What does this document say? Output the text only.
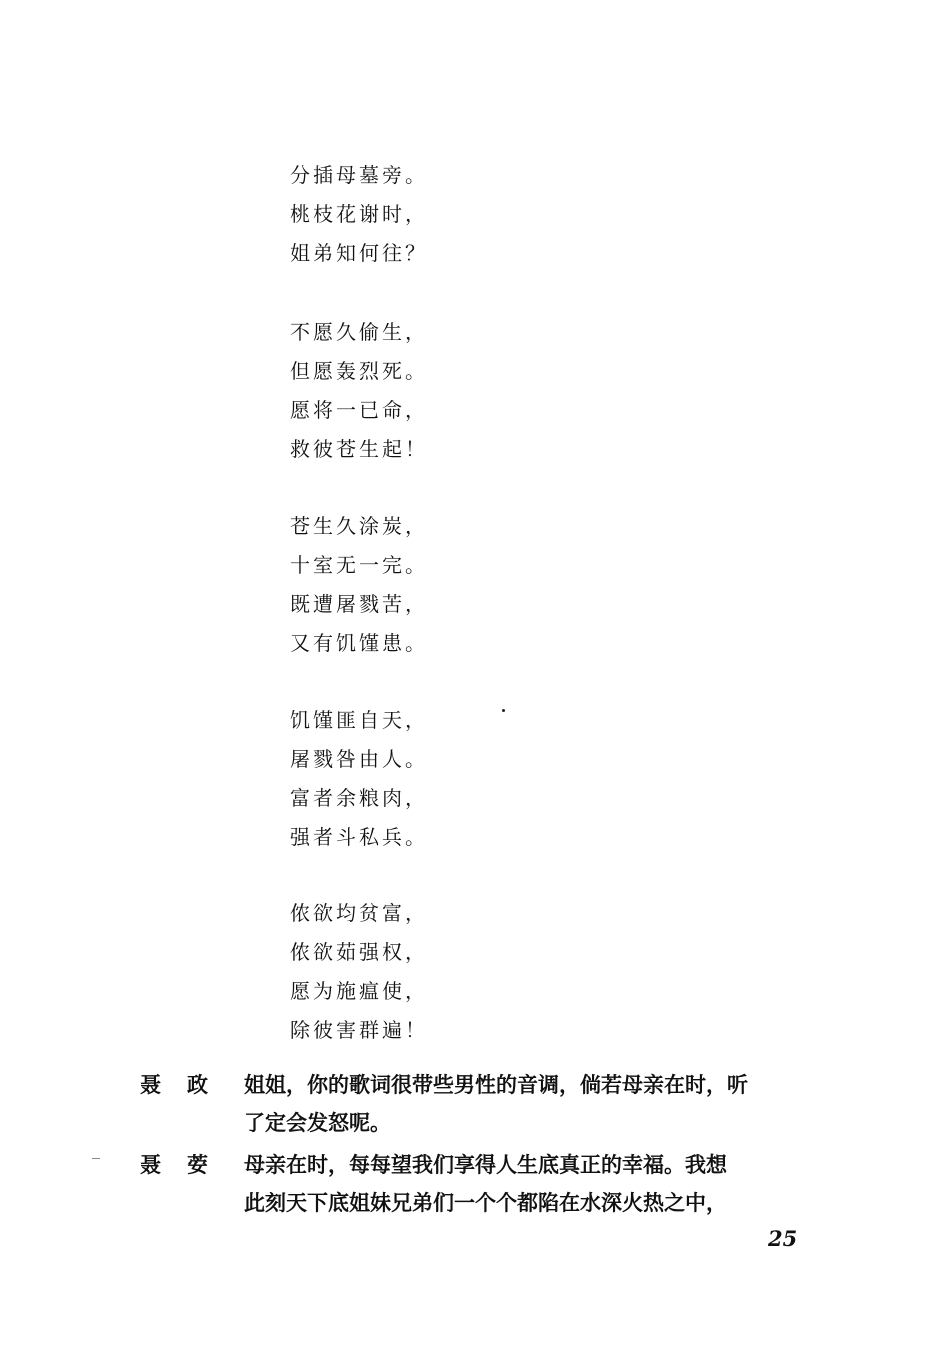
分插母墓旁。
桃枝花谢时，
姐弟知何往？
不愿久偷生，
但愿轰烈死。
愿将一已命，
救彼苍生起！
苍生久涂炭，
十室无一完。
既遭屠戮苦，
又有饥馑患。
饥馑匪自天，
屠戮咎由人。
富者余粮肉，
强者斗私兵。
侬欲均贫富，
侬欲茹强权，
愿为施瘟使，
除彼害群遍！
聂政 姐姐，你的歌词很带些男性的音调，倘若母亲在时，听
了定会发怒呢。
聂荌 母亲在时，每每望我们享得人生底真正的幸福。我想
此刻天下底姐妹兄弟们一个个都陷在水深火热之中，
25
